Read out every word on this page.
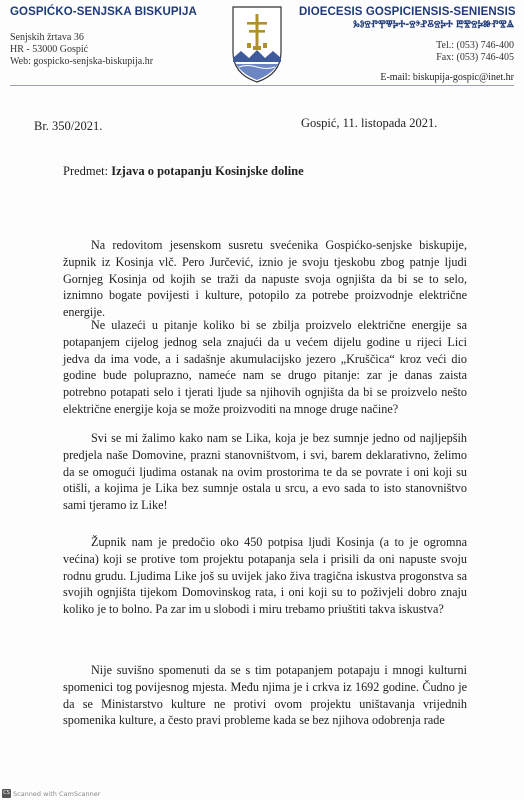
GOSPIĆKO-SENJSKA BISKUPIJA
Senjskih žrtava 36
HR - 53000 Gospić
Web: gospicko-senjska-biskupija.hr
DIOECESIS GOSPICIENSIS-SENIENSIS
ⰃⰑⰔⰒⰉⰛⰍⰀ-ⰔⰵⰐⰋⰔⰍⰀ ⰁⰊⰔⰍⰖⰒⰊⰡ
Tel.: (053) 746-400
Fax: (053) 746-405
E-mail: biskupija-gospic@inet.hr
Br. 350/2021.	Gospić, 11. listopada 2021.
Predmet: Izjava o potapanju Kosinjske doline

Na redovitom jesenskom susretu svećenika Gospićko-senjske biskupije, župnik iz Kosinja vlč. Pero Jurčević, iznio je svoju tjeskobu zbog patnje ljudi Gornjeg Kosinja od kojih se traži da napuste svoja ognjišta da bi se to selo, iznimno bogate povijesti i kulture, potopilo za potrebe proizvodnje električne energije.

Ne ulazeći u pitanje koliko bi se zbilja proizvelo električne energije sa potapanjem cijelog jednog sela znajući da u većem dijelu godine u rijeci Lici jedva da ima vode, a i sadašnje akumulacijsko jezero „Kruščica“ kroz veći dio godine bude poluprazno, nameće nam se drugo pitanje: zar je danas zaista potrebno potapati selo i tjerati ljude sa njihovih ognjišta da bi se proizvelo nešto električne energije koja se može proizvoditi na mnoge druge načine?

Svi se mi žalimo kako nam se Lika, koja je bez sumnje jedno od najljepših predjela naše Domovine, prazni stanovništvom, i svi, barem deklarativno, želimo da se omogući ljudima ostanak na ovim prostorima te da se povrate i oni koji su otišli, a kojima je Lika bez sumnje ostala u srcu, a evo sada to isto stanovništvo sami tjeramo iz Like!

Župnik nam je predočio oko 450 potpisa ljudi Kosinja (a to je ogromna većina) koji se protive tom projektu potapanja sela i prisili da oni napuste svoju rodnu grudu. Ljudima Like još su uvijek jako živa tragična iskustva progonstva sa svojih ognjišta tijekom Domovinskog rata, i oni koji su to poživjeli dobro znaju koliko je to bolno. Pa zar im u slobodi i miru trebamo priuštiti takva iskustva?

Nije suvišno spomenuti da se s tim potapanjem potapaju i mnogi kulturni spomenici tog povijesnog mjesta. Među njima je i crkva iz 1692 godine. Čudno je da se Ministarstvo kulture ne protivi ovom projektu uništavanja vrijednih spomenika kulture, a često pravi probleme kada se bez njihova odobrenja rade

CS Scanned with CamScanner
